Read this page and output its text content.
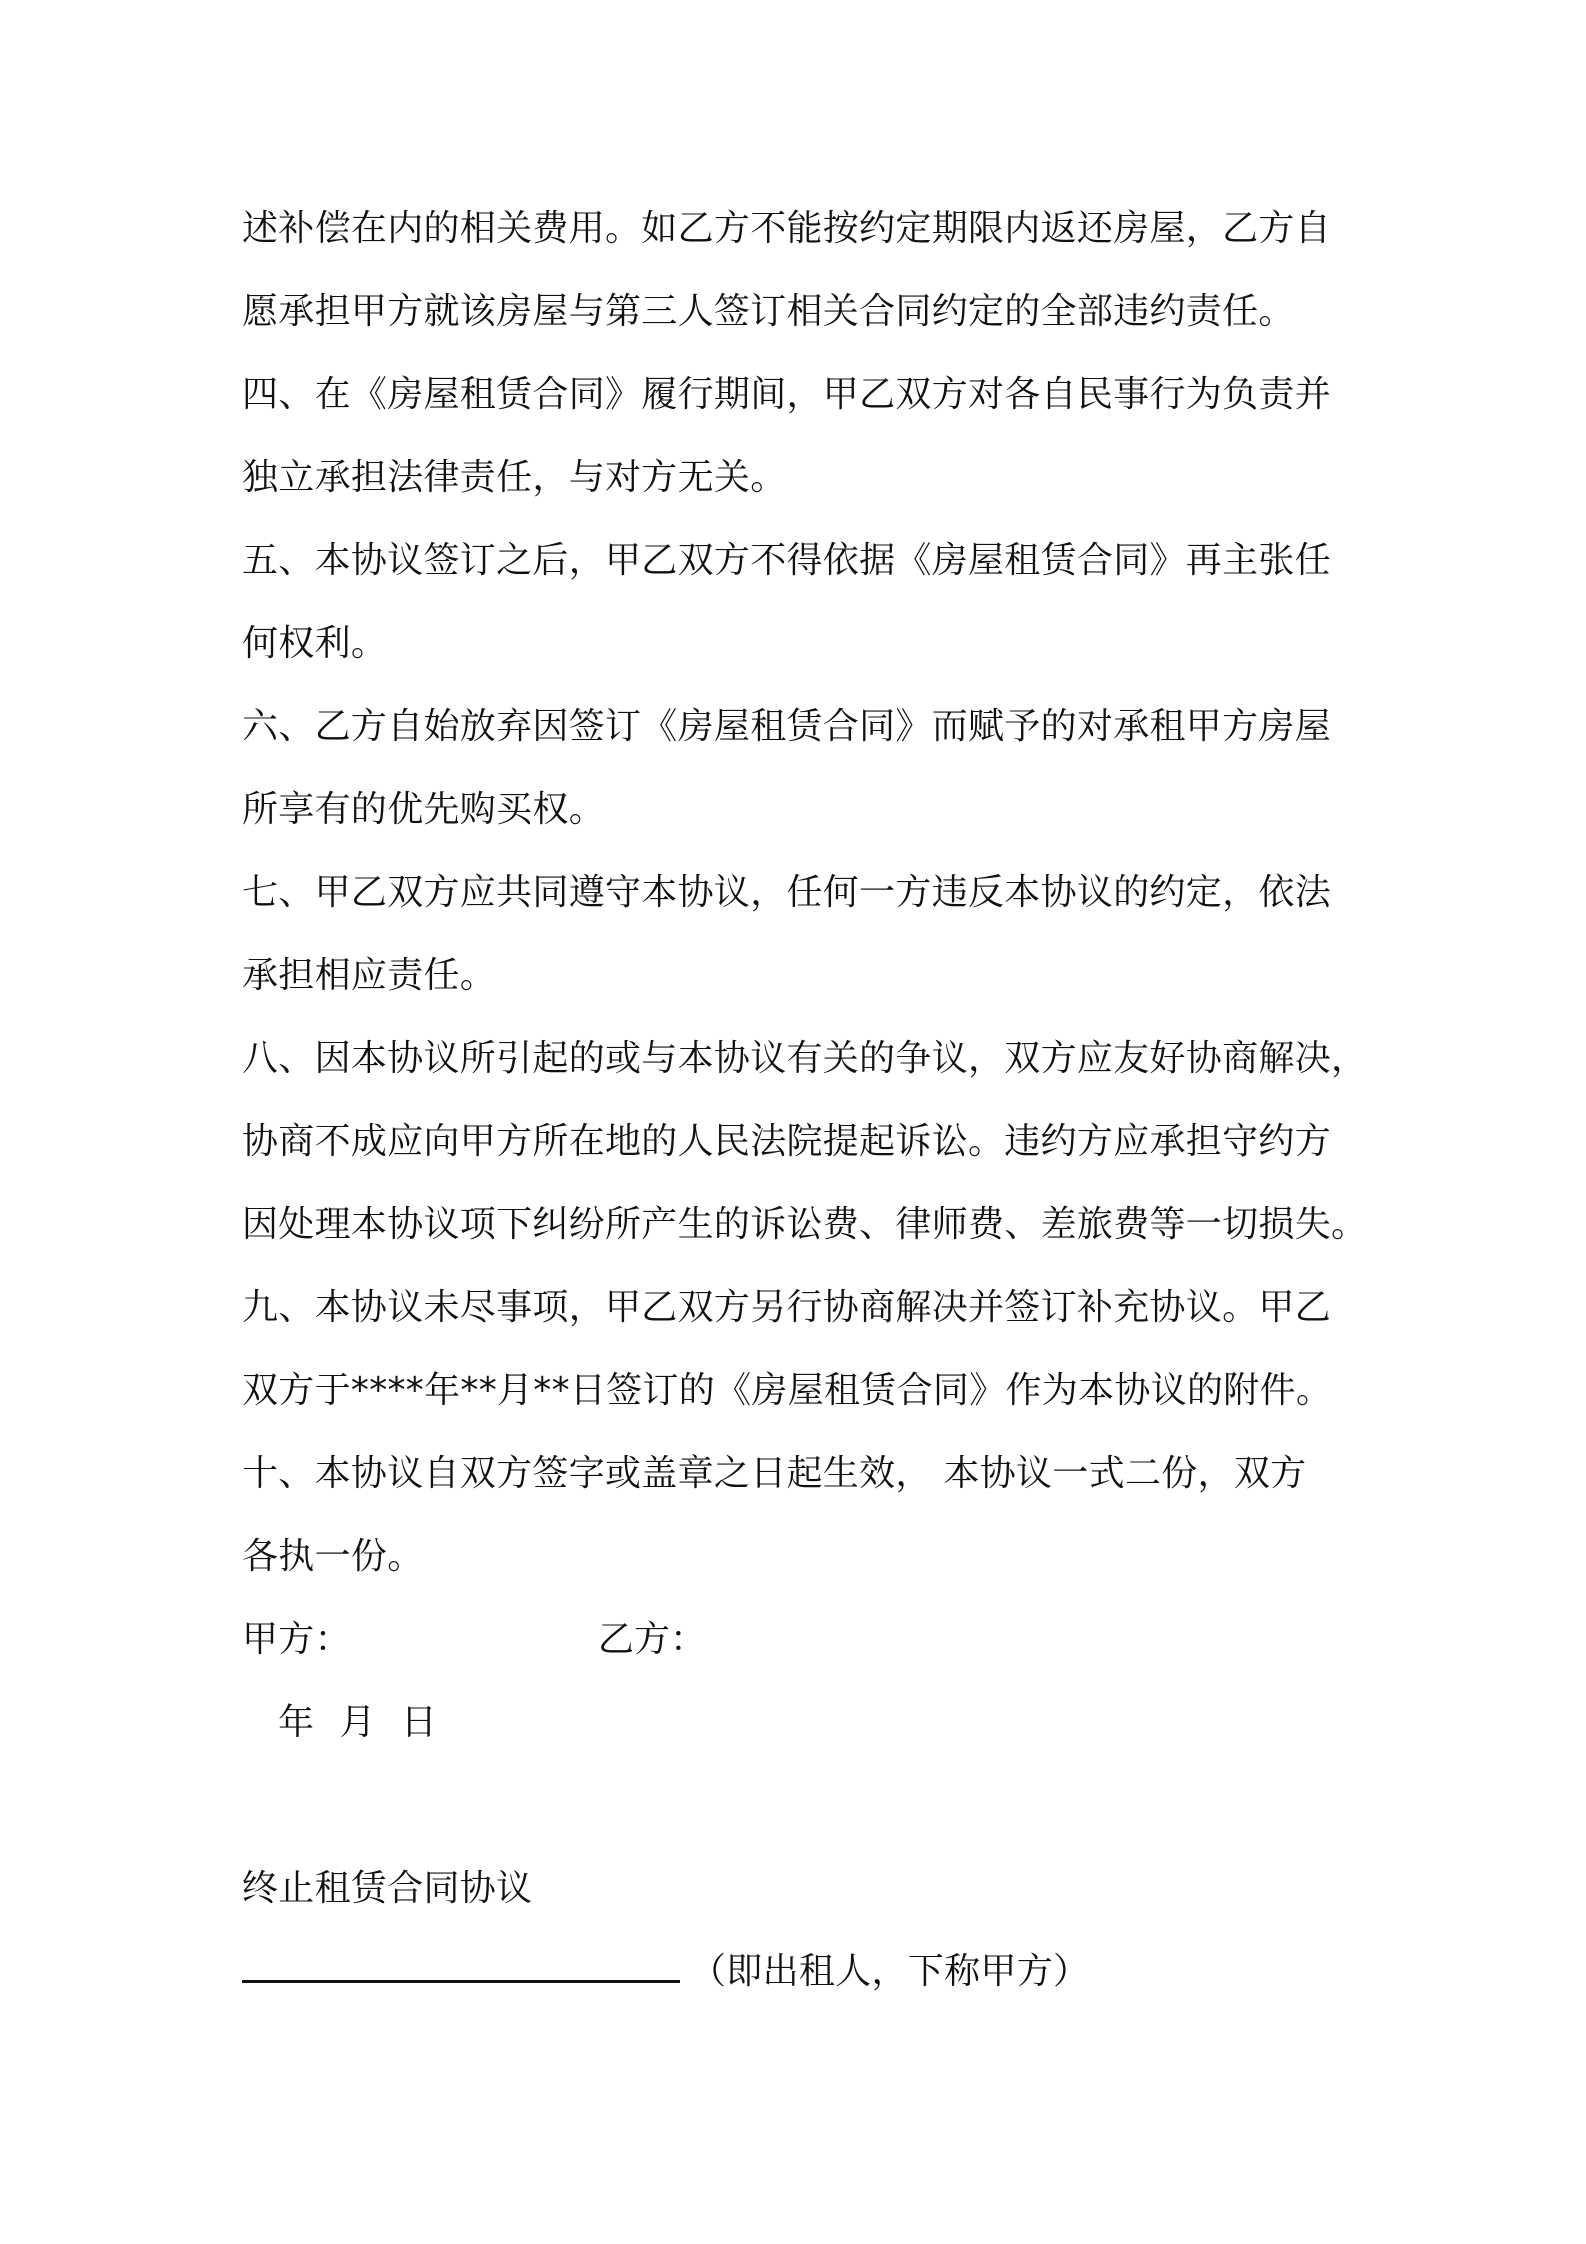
述补偿在内的相关费用。如乙方不能按约定期限内返还房屋，乙方自
愿承担甲方就该房屋与第三人签订相关合同约定的全部违约责任。
四、在《房屋租赁合同》履行期间，甲乙双方对各自民事行为负责并
独立承担法律责任，与对方无关。
五、本协议签订之后，甲乙双方不得依据《房屋租赁合同》再主张任
何权利。
六、乙方自始放弃因签订《房屋租赁合同》而赋予的对承租甲方房屋
所享有的优先购买权。
七、甲乙双方应共同遵守本协议，任何一方违反本协议的约定，依法
承担相应责任。
八、因本协议所引起的或与本协议有关的争议，双方应友好协商解决，
协商不成应向甲方所在地的人民法院提起诉讼。违约方应承担守约方
因处理本协议项下纠纷所产生的诉讼费、律师费、差旅费等一切损失。
九、本协议未尽事项，甲乙双方另行协商解决并签订补充协议。甲乙
双方于****年**月**日签订的《房屋租赁合同》作为本协议的附件。
十、本协议自双方签字或盖章之日起生效， 本协议一式二份，双方
各执一份。
甲方：	乙方：
年 月 日
终止租赁合同协议
（即出租人，下称甲方）
